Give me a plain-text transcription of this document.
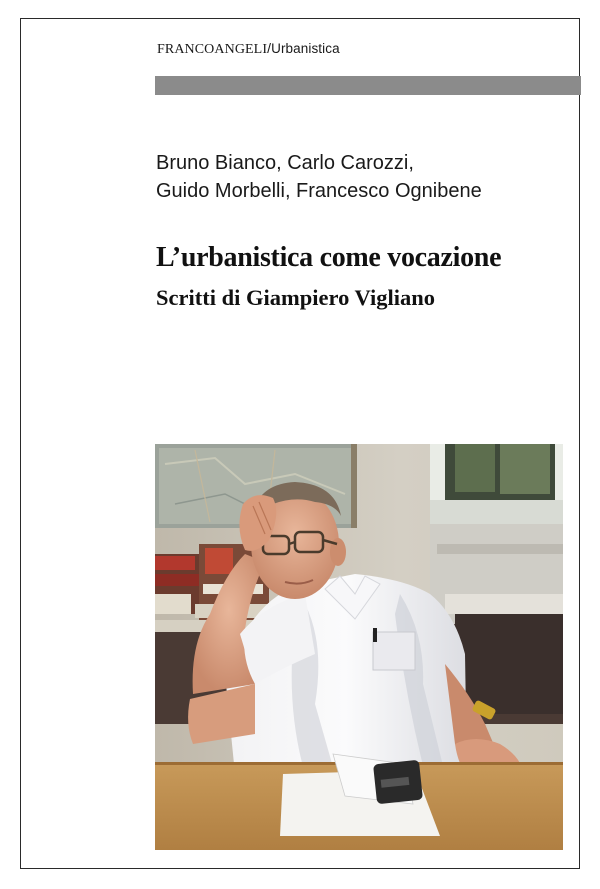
FRANCOANGELI/Urbanistica
Bruno Bianco, Carlo Carozzi,
Guido Morbelli, Francesco Ognibene
L’urbanistica come vocazione
Scritti di Giampiero Vigliano
